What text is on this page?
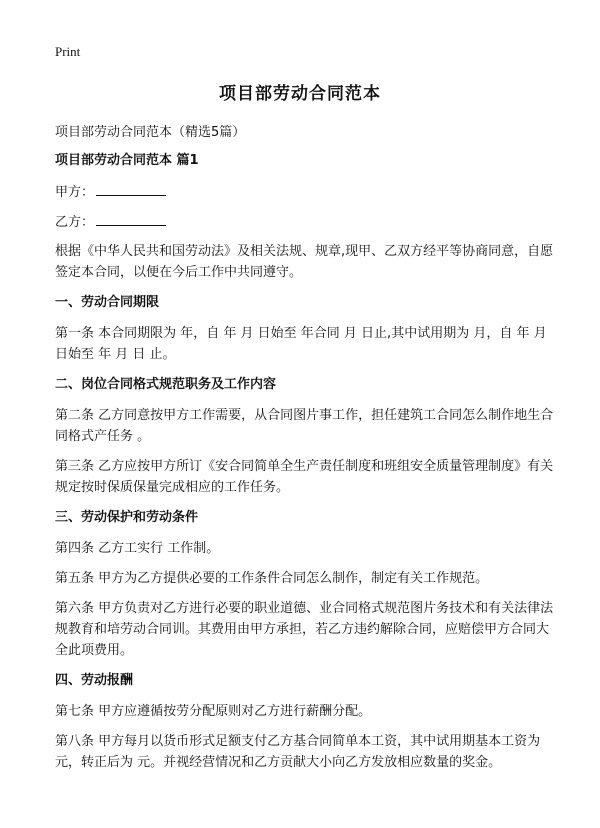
Print
项目部劳动合同范本
项目部劳动合同范本（精选5篇）
项目部劳动合同范本 篇1
甲方：
乙方：
根据《中华人民共和国劳动法》及相关法规、规章,现甲、乙双方经平等协商同意，自愿签定本合同，以便在今后工作中共同遵守。
一、劳动合同期限
第一条 本合同期限为 年，自 年 月 日始至 年合同 月 日止,其中试用期为 月，自 年 月 日始至 年 月 日 止。
二、岗位合同格式规范职务及工作内容
第二条 乙方同意按甲方工作需要，从合同图片事工作，担任建筑工合同怎么制作地生合同格式产任务 。
第三条 乙方应按甲方所订《安合同简单全生产责任制度和班组安全质量管理制度》有关规定按时保质保量完成相应的工作任务。
三、劳动保护和劳动条件
第四条 乙方工实行 工作制。
第五条 甲方为乙方提供必要的工作条件合同怎么制作，制定有关工作规范。
第六条 甲方负责对乙方进行必要的职业道德、业合同格式规范图片务技术和有关法律法规教育和培劳动合同训。其费用由甲方承担，若乙方违约解除合同，应赔偿甲方合同大全此项费用。
四、劳动报酬
第七条 甲方应遵循按劳分配原则对乙方进行薪酬分配。
第八条 甲方每月以货币形式足额支付乙方基合同简单本工资，其中试用期基本工资为 元，转正后为 元。并视经营情况和乙方贡献大小向乙方发放相应数量的奖金。
